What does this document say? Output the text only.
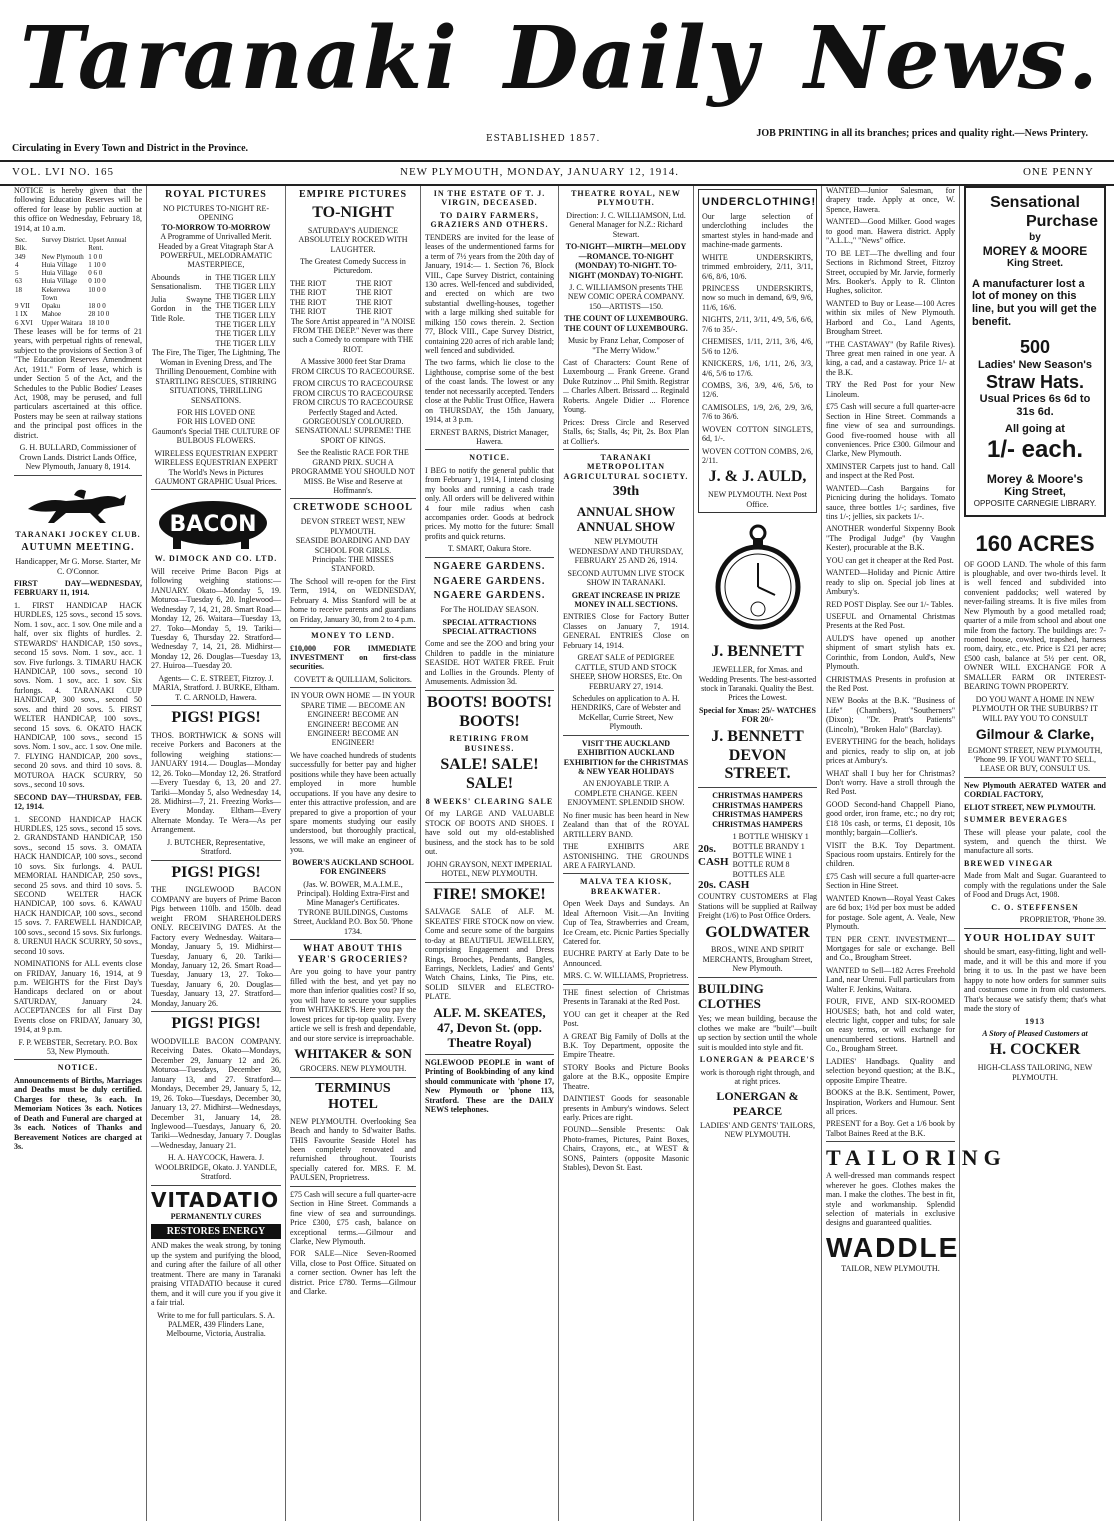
Taranaki Daily News.
ESTABLISHED 1857.	JOB PRINTING in all its branches; prices and quality right.—News Printery.
Circulating in Every Town and District in the Province.
VOL. LVI NO. 165	NEW PLYMOUTH, MONDAY, JANUARY 12, 1914.	ONE PENNY

NOTICE is hereby given that the following Education Reserves will be offered for lease by public auction at this office on Wednesday, February 18, 1914, at 10 a.m.

Sec. Blk.	Survey District.	Upset Annual Rent.
349	New Plymouth	1 0 0
4	Huia Village	1 10 0
5	Huia Village	0 6 0
63	Huia Village	0 10 0
18	Kekerewa Town	10 0 0
9 VII	Opaku	18 0 0
1 IX	Mahoe	28 10 0
6 XVI	Upper Waitara	18 10 0

These leases will be for terms of 21 years, with perpetual rights of renewal, subject to the provisions of Section 3 of "The Education Reserves Amendment Act, 1911." Form of lease, which is under Section 5 of the Act, and the Schedules to the Public Bodies' Leases Act, 1908, may be perused, and full particulars ascertained at this office. Posters may be seen at railway stations and the principal post offices in the district.

G. H. BULLARD, Commissioner of Crown Lands. District Lands Office, New Plymouth, January 8, 1914.

TARANAKI JOCKEY CLUB.
AUTUMN MEETING.

Handicapper, Mr G. Morse. Starter, Mr C. O'Connor.

FIRST DAY—WEDNESDAY, FEBRUARY 11, 1914.

1. FIRST HANDICAP HACK HURDLES, 125 sovs., second 15 sovs. Nom. 1 sov., acc. 1 sov. One mile and a half, over six flights of hurdles. 2. STEWARDS' HANDICAP, 150 sovs., second 15 sovs. Nom. 1 sov., acc. 1 sov. Five furlongs. 3. TIMARU HACK HANDICAP, 100 sovs., second 10 sovs. Nom. 1 sov., acc. 1 sov. Six furlongs. 4. TARANAKI CUP HANDICAP, 300 sovs., second 50 sovs. and third 20 sovs. 5. FIRST WELTER HANDICAP, 100 sovs., second 15 sovs. 6. OKATO HACK HANDICAP, 100 sovs., second 15 sovs. Nom. 1 sov., acc. 1 sov. One mile. 7. FLYING HANDICAP, 200 sovs., second 20 sovs. and third 10 sovs. 8. MOTUROA HACK SCURRY, 50 sovs., second 10 sovs.

SECOND DAY—THURSDAY, FEB. 12, 1914.

1. SECOND HANDICAP HACK HURDLES, 125 sovs., second 15 sovs. 2. GRANDSTAND HANDICAP, 150 sovs., second 15 sovs. 3. OMATA HACK HANDICAP, 100 sovs., second 10 sovs. Six furlongs. 4. PAUL MEMORIAL HANDICAP, 250 sovs., second 25 sovs. and third 10 sovs. 5. SECOND WELTER HACK HANDICAP, 100 sovs. 6. KAWAU HACK HANDICAP, 100 sovs., second 15 sovs. 7. FAREWELL HANDICAP, 100 sovs., second 15 sovs. Six furlongs. 8. URENUI HACK SCURRY, 50 sovs., second 10 sovs.

NOMINATIONS for ALL events close on FRIDAY, January 16, 1914, at 9 p.m. WEIGHTS for the First Day's Handicaps declared on or about SATURDAY, January 24. ACCEPTANCES for all First Day Events close on FRIDAY, January 30, 1914, at 9 p.m.

F. P. WEBSTER, Secretary. P.O. Box 53, New Plymouth.

NOTICE.

Announcements of Births, Marriages and Deaths must be duly certified. Charges for these, 3s each. In Memoriam Notices 3s each. Notices of Death and Funeral are charged at 3s each. Notices of Thanks and Bereavement Notices are charged at 3s.

ROYAL PICTURES
NO PICTURES TO-NIGHT RE-OPENING
TO-MORROW TO-MORROW

A Programme of Unrivalled Merit. Headed by a Great Vitagraph Star A POWERFUL, MELODRAMATIC MASTERPIECE,

Abounds in Sensationalism.

Julia Swayne Gordon in the Title Role.

THE TIGER LILY
THE TIGER LILY
THE TIGER LILY
THE TIGER LILY
THE TIGER LILY
THE TIGER LILY
THE TIGER LILY
THE TIGER LILY

The Fire, The Tiger, The Lightning, The Woman in Evening Dress, and The Thrilling Denouement, Combine with STARTLING RESCUES, STIRRING SITUATIONS, THRILLING SENSATIONS.

FOR HIS LOVED ONE
FOR HIS LOVED ONE

Gaumont's Special THE CULTURE OF BULBOUS FLOWERS.

WIRELESS EQUESTRIAN EXPERT
WIRELESS EQUESTRIAN EXPERT

The World's News in Pictures GAUMONT GRAPHIC Usual Prices.

BACON
W. DIMOCK AND CO. LTD.

Will receive Prime Bacon Pigs at following weighing stations:— JANUARY. Okato—Monday 5, 19. Moturoa—Tuesday 6, 20. Inglewood—Wednesday 7, 14, 21, 28. Smart Road—Monday 12, 26. Waitara—Tuesday 13, 27. Toko—Monday 5, 19. Tariki—Tuesday 6, Thursday 22. Stratford—Wednesday 7, 14, 21, 28. Midhirst—Monday 12, 26. Douglas—Tuesday 13, 27. Huiroa—Tuesday 20.

Agents— C. E. STREET, Fitzroy. J. MARIA, Stratford. J. BURKE, Eltham. T. C. ARNOLD, Hawera.

PIGS! PIGS!

THOS. BORTHWICK & SONS will receive Porkers and Baconers at the following weighing stations:— JANUARY 1914.— Douglas—Monday 12, 26. Toko—Monday 12, 26. Stratford—Every Tuesday 6, 13, 20 and 27. Tariki—Monday 5, also Wednesday 14, 28. Midhirst—7, 21. Freezing Works—Every Monday. Eltham—Every Alternate Monday. Te Wera—As per Arrangement.

J. BUTCHER, Representative, Stratford.

PIGS! PIGS!

THE INGLEWOOD BACON COMPANY are buyers of Prime Bacon Pigs between 110lb. and 150lb. dead weight FROM SHAREHOLDERS ONLY. RECEIVING DATES. At the Factory every Wednesday. Waitara—Monday, January 5, 19. Midhirst—Tuesday, January 6, 20. Tariki—Monday, January 12, 26. Smart Road—Tuesday, January 13, 27. Toko—Tuesday, January 6, 20. Douglas—Tuesday, January 13, 27. Stratford—Monday, January 26.

PIGS! PIGS!

WOODVILLE BACON COMPANY. Receiving Dates. Okato—Mondays, December 29, January 12 and 26. Moturoa—Tuesdays, December 30, January 13, and 27. Stratford—Mondays, December 29, January 5, 12, 19, 26. Toko—Tuesdays, December 30, January 13, 27. Midhirst—Wednesdays, December 31, January 14, 28. Inglewood—Tuesdays, January 6, 20. Tariki—Wednesday, January 7. Douglas—Wednesday, January 21.

H. A. HAYCOCK, Hawera. J. WOOLBRIDGE, Okato. J. YANDLE, Stratford.

VITADATIO
PERMANENTLY CURES
RESTORES ENERGY

AND makes the weak strong, by toning up the system and purifying the blood, and curing after the failure of all other treatment. There are many in Taranaki praising VITADATIO because it cured them, and it will cure you if you give it a fair trial.

Write to me for full particulars. S. A. PALMER, 439 Flinders Lane, Melbourne, Victoria, Australia.

EMPIRE PICTURES
TO-NIGHT

SATURDAY'S AUDIENCE ABSOLUTELY ROCKED WITH LAUGHTER.

The Greatest Comedy Success in Picturedom.

THE RIOT
THE RIOT
THE RIOT
THE RIOT
THE RIOT
THE RIOT
THE RIOT
THE RIOT

The Sore Artist appeared in "A NOISE FROM THE DEEP." Never was there such a Comedy to compare with THE RIOT.

A Massive 3000 feet Star Drama FROM CIRCUS TO RACECOURSE.

FROM CIRCUS TO RACECOURSE
FROM CIRCUS TO RACECOURSE
FROM CIRCUS TO RACECOURSE

Perfectly Staged and Acted. GORGEOUSLY COLOURED. SENSATIONAL! SUPREME! THE SPORT OF KINGS.

See the Realistic RACE FOR THE GRAND PRIX. SUCH A PROGRAMME YOU SHOULD NOT MISS. Be Wise and Reserve at Hoffmann's.

CRETWODE SCHOOL
DEVON STREET WEST, NEW PLYMOUTH.
SEASIDE BOARDING AND DAY SCHOOL FOR GIRLS.

Principals: THE MISSES STANFORD.

The School will re-open for the First Term, 1914, on WEDNESDAY, February 4. Miss Stanford will be at home to receive parents and guardians on Friday, January 30, from 2 to 4 p.m.

MONEY TO LEND.

£10,000 FOR IMMEDIATE INVESTMENT on first-class securities.

COVETT & QUILLIAM, Solicitors.

IN YOUR OWN HOME — IN YOUR SPARE TIME — BECOME AN ENGINEER! BECOME AN ENGINEER! BECOME AN ENGINEER! BECOME AN ENGINEER!

We have coached hundreds of students successfully for better pay and higher positions while they have been actually employed in more humble occupations. If you have any desire to enter this attractive profession, and are prepared to give a proportion of your spare moments studying our easily understood, but thoroughly practical, lessons, we will make an engineer of you.

BOWER'S AUCKLAND SCHOOL FOR ENGINEERS

(Jas. W. BOWER, M.A.I.M.E., Principal). Holding Extra-First and Mine Manager's Certificates. TYRONE BUILDINGS, Customs Street, Auckland P.O. Box 50. 'Phone 1734.

WHAT ABOUT THIS YEAR'S GROCERIES?

Are you going to have your pantry filled with the best, and yet pay no more than inferior qualities cost? If so, you will have to secure your supplies from WHITAKER'S. Here you pay the lowest prices for tip-top quality. Every article we sell is fresh and dependable, and our store service is irreproachable.

WHITAKER & SON
GROCERS. NEW PLYMOUTH.
TERMINUS HOTEL

NEW PLYMOUTH. Overlooking Sea Beach and handy to Sd'waiter Baths. THIS Favourite Seaside Hotel has been completely renovated and refurnished throughout. Tourists specially catered for. MRS. F. M. PAULSEN, Proprietress.

£75 Cash will secure a full quarter-acre Section in Hine Street. Commands a fine view of sea and surroundings. Price £300, £75 cash, balance on exceptional terms.—Gilmour and Clarke, New Plymouth.

FOR SALE—Nice Seven-Roomed Villa, close to Post Office. Situated on a corner section. Owner has left the district. Price £780. Terms—Gilmour and Clarke.

IN THE ESTATE OF T. J. VIRGIN, DECEASED.
TO DAIRY FARMERS, GRAZIERS AND OTHERS.

TENDERS are invited for the lease of leases of the undermentioned farms for a term of 7½ years from the 20th day of January, 1914:— 1. Section 76, Block VIII., Cape Survey District, containing 130 acres. Well-fenced and subdivided, and erected on which are two substantial dwelling-houses, together with a large milking shed suitable for milking 150 cows therein. 2. Section 77, Block VIII., Cape Survey District, containing 220 acres of rich arable land; well fenced and subdivided.

The two farms, which lie close to the Lighthouse, comprise some of the best of the coast lands. The lowest or any tender not necessarily accepted. Tenders close at the Public Trust Office, Hawera on THURSDAY, the 15th January, 1914, at 3 p.m.

ERNEST BARNS, District Manager, Hawera.

NOTICE.

I BEG to notify the general public that from February 1, 1914, I intend closing my books and running a cash trade only. All orders will be delivered within 4 four mile radius when cash accompanies order. Goods at bedrock prices. My motto for the future: Small profits and quick returns.

T. SMART, Oakura Store.

NGAERE GARDENS.
NGAERE GARDENS.
NGAERE GARDENS.

For The HOLIDAY SEASON.

SPECIAL ATTRACTIONS SPECIAL ATTRACTIONS

Come and see the ZOO and bring your Children to paddle in the miniature SEASIDE. HOT WATER FREE. Fruit and Lollies in the Grounds. Plenty of Amusements. Admission 3d.

BOOTS! BOOTS! BOOTS!
RETIRING FROM BUSINESS.
SALE! SALE! SALE!
8 WEEKS' CLEARING SALE

Of my LARGE AND VALUABLE STOCK OF BOOTS AND SHOES. I have sold out my old-established business, and the stock has to be sold out.

JOHN GRAYSON, NEXT IMPERIAL HOTEL, NEW PLYMOUTH.

FIRE! SMOKE!

SALVAGE SALE of ALF. M. SKEATES' FIRE STOCK now on view. Come and secure some of the bargains to-day at BEAUTIFUL JEWELLERY, comprising Engagement and Dress Rings, Brooches, Pendants, Bangles, Earrings, Necklets, Ladies' and Gents' Watch Chains, Links, Tie Pins, etc. SOLID SILVER and ELECTRO-PLATE.

ALF. M. SKEATES, 47, Devon St. (opp. Theatre Royal)

NGLEWOOD PEOPLE in want of Printing of Bookbinding of any kind should communicate with 'phone 17, New Plymouth or 'phone 113, Stratford. These are the DAILY NEWS telephones.

THEATRE ROYAL, NEW PLYMOUTH.

Direction: J. C. WILLIAMSON, Ltd. General Manager for N.Z.: Richard Stewart.

TO-NIGHT—MIRTH—MELODY—ROMANCE. TO-NIGHT (MONDAY) TO-NIGHT. TO-NIGHT (MONDAY) TO-NIGHT.

J. C. WILLIAMSON presents THE NEW COMIC OPERA COMPANY. 150—ARTISTS—150.

THE COUNT OF LUXEMBOURG. THE COUNT OF LUXEMBOURG.

Music by Franz Lehar, Composer of "The Merry Widow."

Cast of Characters: Count Rene of Luxembourg ... Frank Greene. Grand Duke Rutzinov ... Phil Smith. Registrar ... Charles Albert. Brissard ... Reginald Roberts. Angele Didier ... Florence Young.

Prices: Dress Circle and Reserved Stalls, 6s; Stalls, 4s; Pit, 2s. Box Plan at Collier's.

TARANAKI METROPOLITAN AGRICULTURAL SOCIETY.
39th
ANNUAL SHOW ANNUAL SHOW
NEW PLYMOUTH

WEDNESDAY AND THURSDAY, FEBRUARY 25 AND 26, 1914.

SECOND AUTUMN LIVE STOCK SHOW IN TARANAKI.

GREAT INCREASE IN PRIZE MONEY IN ALL SECTIONS.

ENTRIES Close for Factory Butter Classes on January 7, 1914. GENERAL ENTRIES Close on February 14, 1914.

GREAT SALE of PEDIGREE CATTLE, STUD AND STOCK SHEEP, SHOW HORSES, Etc. On FEBRUARY 27, 1914.

Schedules on application to A. H. HENDRIKS, Care of Webster and McKellar, Currie Street, New Plymouth.

VISIT THE AUCKLAND EXHIBITION AUCKLAND EXHIBITION for the CHRISTMAS & NEW YEAR HOLIDAYS

AN ENJOYABLE TRIP. A COMPLETE CHANGE. KEEN ENJOYMENT. SPLENDID SHOW.

No finer music has been heard in New Zealand than that of the ROYAL ARTILLERY BAND.

THE EXHIBITS ARE ASTONISHING. THE GROUNDS ARE A FAIRYLAND.

MALVA TEA KIOSK, BREAKWATER.

Open Week Days and Sundays. An Ideal Afternoon Visit.—An Inviting Cup of Tea, Strawberries and Cream, Ice Cream, etc. Picnic Parties Specially Catered for.

EUCHRE PARTY at Early Date to be Announced.

MRS. C. W. WILLIAMS, Proprietress.

THE finest selection of Christmas Presents in Taranaki at the Red Post.

YOU can get it cheaper at the Red Post.

A GREAT Big Family of Dolls at the B.K. Toy Department, opposite the Empire Theatre.

STORY Books and Picture Books galore at the B.K., opposite Empire Theatre.

DAINTIEST Goods for seasonable presents in Ambury's windows. Select early. Prices are right.

FOUND—Sensible Presents: Oak Photo-frames, Pictures, Paint Boxes, Chairs, Crayons, etc., at WEST & SONS, Painters (opposite Masonic Stables), Devon St. East.

UNDERCLOTHING!

Our large selection of underclothing includes the smartest styles in hand-made and machine-made garments.

WHITE UNDERSKIRTS, trimmed embroidery, 2/11, 3/11, 6/6, 8/6, 10/6.

PRINCESS UNDERSKIRTS, now so much in demand, 6/9, 9/6, 11/6, 16/6.

NIGHTS, 2/11, 3/11, 4/9, 5/6, 6/6, 7/6 to 35/-.

CHEMISES, 1/11, 2/11, 3/6, 4/6, 5/6 to 12/6.

KNICKERS, 1/6, 1/11, 2/6, 3/3, 4/6, 5/6 to 17/6.

COMBS, 3/6, 3/9, 4/6, 5/6, to 12/6.

CAMISOLES, 1/9, 2/6, 2/9, 3/6, 7/6 to 36/6.

WOVEN COTTON SINGLETS, 6d, 1/-.

WOVEN COTTON COMBS, 2/6, 2/11.

J. & J. AULD,
NEW PLYMOUTH. Next Post Office.
J. BENNETT

JEWELLER, for Xmas. and Wedding Presents. The best-assorted stock in Taranaki. Quality the Best. Prices the Lowest.

Special for Xmas: 25/- WATCHES FOR 20/-

J. BENNETT DEVON STREET.

CHRISTMAS HAMPERS CHRISTMAS HAMPERS CHRISTMAS HAMPERS CHRISTMAS HAMPERS

20s. CASH
1 BOTTLE WHISKY 1 BOTTLE BRANDY 1 BOTTLE WINE 1 BOTTLE RUM 8 BOTTLES ALE
20s. CASH

COUNTRY CUSTOMERS at Flag Stations will be supplied at Railway Freight (1/6) to Post Office Orders.

GOLDWATER

BROS., WINE AND SPIRIT MERCHANTS, Brougham Street, New Plymouth.

BUILDING CLOTHES

Yes; we mean building, because the clothes we make are "built"—built up section by section until the whole suit is moulded into style and fit.

LONERGAN & PEARCE'S

work is thorough right through, and at right prices.

LONERGAN & PEARCE
LADIES' AND GENTS' TAILORS, NEW PLYMOUTH.

WANTED—Junior Salesman, for drapery trade. Apply at once, W. Spence, Hawera.

WANTED—Good Milker. Good wages to good man. Hawera district. Apply "A.L.L.," "News" office.

TO BE LET—The dwelling and four Sections in Richmond Street, Fitzroy Street, occupied by Mr. Jarvie, formerly Mrs. Booker's. Apply to R. Clinton Hughes, solicitor.

WANTED to Buy or Lease—100 Acres within six miles of New Plymouth. Harbord and Co., Land Agents, Brougham Street.

"THE CASTAWAY" (by Rafile Rives). Three great men rained in one year. A king, a cad, and a castaway. Price 1/- at the B.K.

TRY the Red Post for your New Linoleum.

£75 Cash will secure a full quarter-acre Section in Hine Street. Commands a fine view of sea and surroundings. Good five-roomed house with all conveniences. Price £300. Gilmour and Clarke, New Plymouth.

XMINSTER Carpets just to hand. Call and inspect at the Red Post.

WANTED—Cash Bargains for Picnicing during the holidays. Tomato sauce, three bottles 1/-; sardines, five tins 1/-; jellies, six packets 1/-.

ANOTHER wonderful Sixpenny Book "The Prodigal Judge" (by Vaughn Kester), procurable at the B.K.

YOU can get it cheaper at the Red Post.

WANTED—Holiday and Picnic Attire ready to slip on. Special job lines at Ambury's.

RED POST Display. See our 1/- Tables.

USEFUL and Ornamental Christmas Presents at the Red Post.

AULD'S have opened up another shipment of smart stylish hats ex. Corinthic, from London, Auld's, New Plymouth.

CHRISTMAS Presents in profusion at the Red Post.

NEW Books at the B.K. "Business of Life" (Chambers), "Southerners" (Dixon); "Dr. Pratt's Patients" (Lincoln), "Broken Halo" (Barclay).

EVERYTHING for the beach, holidays and picnics, ready to slip on, at job prices at Ambury's.

WHAT shall I buy her for Christmas? Don't worry. Have a stroll through the Red Post.

GOOD Second-hand Chappell Piano, good order, iron frame, etc.; no dry rot; £18 10s cash, or terms, £1 deposit, 10s monthly; bargain—Collier's.

VISIT the B.K. Toy Department. Spacious room upstairs. Entirely for the children.

£75 Cash will secure a full quarter-acre Section in Hine Street.

WANTED Known—Royal Yeast Cakes are 6d box; 1½d per box must be added for postage. Sole agent, A. Veale, New Plymouth.

TEN PER CENT. INVESTMENT—Mortgages for sale or exchange. Bell and Co., Brougham Street.

WANTED to Sell—182 Acres Freehold Land, near Urenui. Full particulars from Walter F. Jenkins, Waitara.

FOUR, FIVE, AND SIX-ROOMED HOUSES; bath, hot and cold water, electric light, copper and tubs; for sale on easy terms, or will exchange for unencumbered sections. Hartnell and Co., Brougham Street.

LADIES' Handbags. Quality and selection beyond question; at the B.K., opposite Empire Theatre.

BOOKS at the B.K. Sentiment, Power, Inspiration, Workers and Humour. Sent all prices.

PRESENT for a Boy. Get a 1/6 book by Talbot Baines Reed at the B.K.

TAILORING

A well-dressed man commands respect wherever he goes. Clothes makes the man. I make the clothes. The best in fit, style and workmanship. Splendid selection of materials in exclusive designs and guaranteed qualities.

WADDLE
TAILOR, NEW PLYMOUTH.
Sensational
Purchase
by
MOREY & MOORE
King Street.

A manufacturer lost a lot of money on this line, but you will get the benefit.

500
Ladies' New Season's
Straw Hats.
Usual Prices 6s 6d to 31s 6d.
All going at
1/- each.
Morey & Moore's
King Street,
OPPOSITE CARNEGIE LIBRARY.
160 ACRES

OF GOOD LAND. The whole of this farm is ploughable, and over two-thirds level. It is well fenced and subdivided into convenient paddocks; well watered by never-failing streams. It is five miles from New Plymouth by a good metalled road; quarter of a mile from school and about one mile from the factory. The buildings are: 7-roomed house, cowshed, trapshed, harness room, dairy, etc., etc. Price is £21 per acre; £500 cash, balance at 5½ per cent. OR, OWNER WILL EXCHANGE FOR A SMALLER FARM OR INTEREST-BEARING TOWN PROPERTY.

DO YOU WANT A HOME IN NEW PLYMOUTH OR THE SUBURBS? IT WILL PAY YOU TO CONSULT

Gilmour & Clarke,

EGMONT STREET, NEW PLYMOUTH, 'Phone 99. IF YOU WANT TO SELL, LEASE OR BUY, CONSULT US.

New Plymouth AERATED WATER and CORDIAL FACTORY,

ELIOT STREET, NEW PLYMOUTH.

SUMMER BEVERAGES

These will please your palate, cool the system, and quench the thirst. We manufacture all sorts.

BREWED VINEGAR

Made from Malt and Sugar. Guaranteed to comply with the regulations under the Sale of Food and Drugs Act, 1908.

C. O. STEFFENSEN

PROPRIETOR, 'Phone 39.

YOUR HOLIDAY SUIT

should be smart, easy-fitting, light and well-made, and it will be this and more if you bring it to us. In the past we have been happy to note how orders for summer suits and costumes come in from old customers. That's because we satisfy them; that's what made the story of

1913
A Story of Pleased Customers at
H. COCKER
HIGH-CLASS TAILORING, NEW PLYMOUTH.
